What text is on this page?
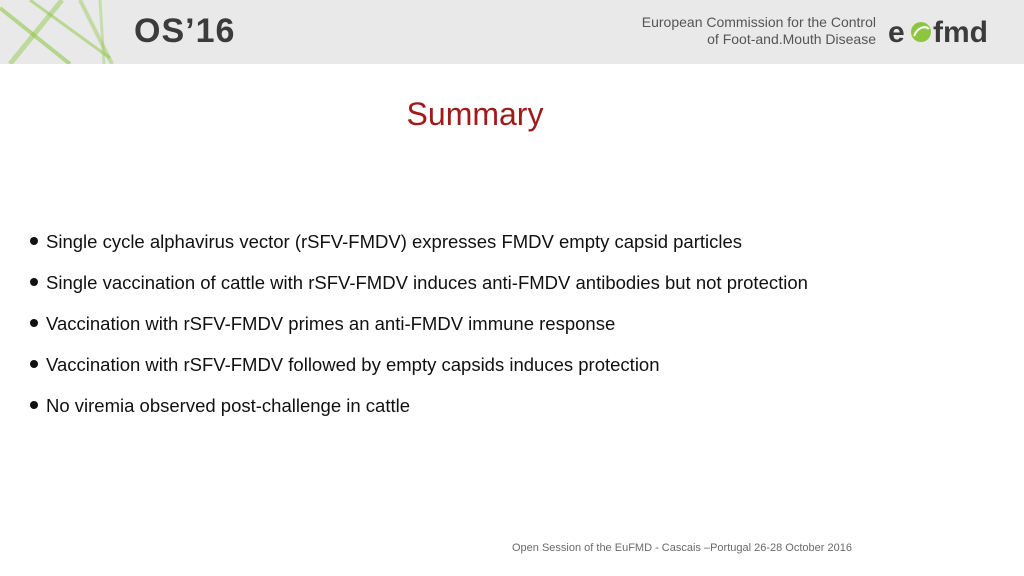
OS’16	European Commission for the Control
of Foot-and.Mouth Disease e fmd
Summary
Single cycle alphavirus vector (rSFV-FMDV) expresses FMDV empty capsid particles
Single vaccination of cattle with rSFV-FMDV induces anti-FMDV antibodies but not protection
Vaccination with rSFV-FMDV primes an anti-FMDV immune response
Vaccination with rSFV-FMDV followed by empty capsids induces protection
No viremia observed post-challenge in cattle
Open Session of the EuFMD - Cascais –Portugal 26-28 October 2016
